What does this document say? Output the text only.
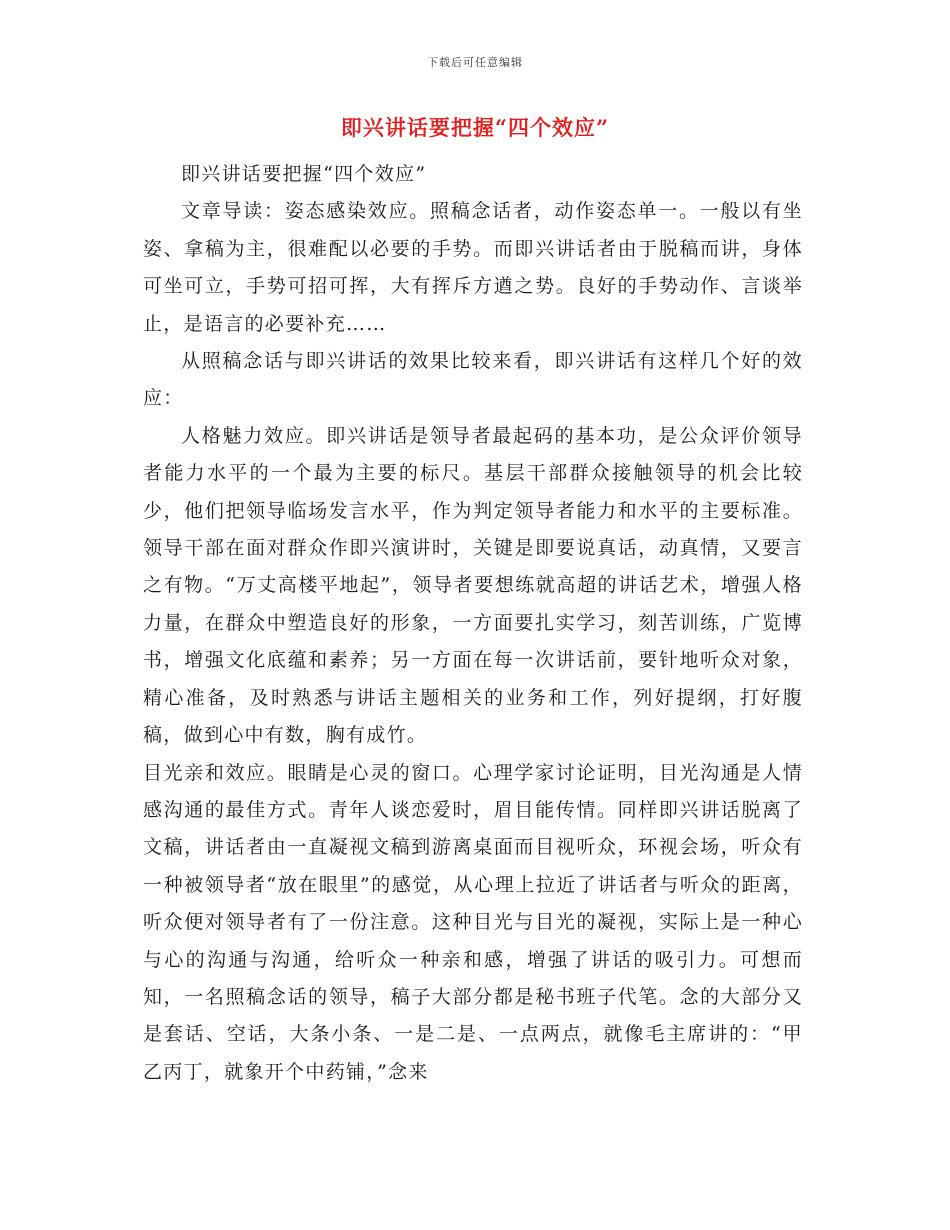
下载后可任意编辑
即兴讲话要把握“四个效应”

即兴讲话要把握“四个效应”

文章导读：姿态感染效应。照稿念话者，动作姿态单一。一般以有坐姿、拿稿为主，很难配以必要的手势。而即兴讲话者由于脱稿而讲，身体可坐可立，手势可招可挥，大有挥斥方遒之势。良好的手势动作、言谈举止，是语言的必要补充……

从照稿念话与即兴讲话的效果比较来看，即兴讲话有这样几个好的效应：

人格魅力效应。即兴讲话是领导者最起码的基本功，是公众评价领导者能力水平的一个最为主要的标尺。基层干部群众接触领导的机会比较少，他们把领导临场发言水平，作为判定领导者能力和水平的主要标准。领导干部在面对群众作即兴演讲时，关键是即要说真话，动真情，又要言之有物。“万丈高楼平地起”，领导者要想练就高超的讲话艺术，增强人格力量，在群众中塑造良好的形象，一方面要扎实学习，刻苦训练，广览博书，增强文化底蕴和素养；另一方面在每一次讲话前，要针地听众对象，精心准备，及时熟悉与讲话主题相关的业务和工作，列好提纲，打好腹稿，做到心中有数，胸有成竹。

目光亲和效应。眼睛是心灵的窗口。心理学家讨论证明，目光沟通是人情感沟通的最佳方式。青年人谈恋爱时，眉目能传情。同样即兴讲话脱离了文稿，讲话者由一直凝视文稿到游离桌面而目视听众，环视会场，听众有一种被领导者“放在眼里”的感觉，从心理上拉近了讲话者与听众的距离，听众便对领导者有了一份注意。这种目光与目光的凝视，实际上是一种心与心的沟通与沟通，给听众一种亲和感，增强了讲话的吸引力。可想而知，一名照稿念话的领导，稿子大部分都是秘书班子代笔。念的大部分又是套话、空话，大条小条、一是二是、一点两点，就像毛主席讲的：“甲乙丙丁，就象开个中药铺，”念来
